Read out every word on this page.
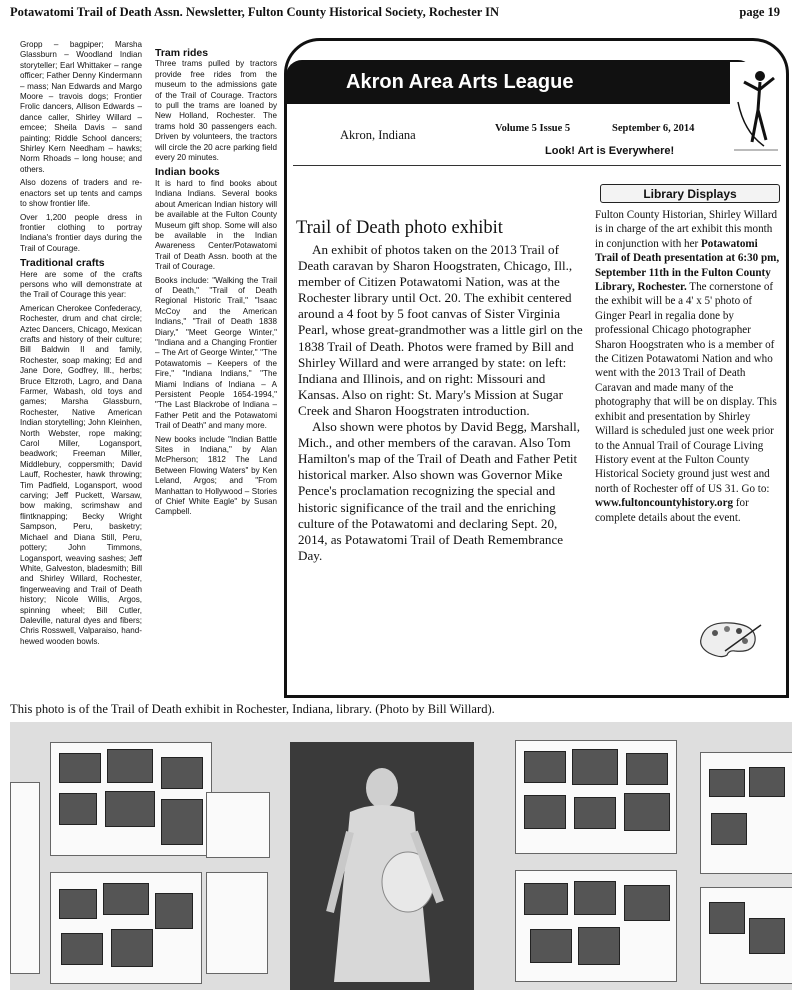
Potawatomi Trail of Death Assn. Newsletter, Fulton County Historical Society, Rochester IN	page 19

Gropp – bagpiper; Marsha Glassburn – Woodland Indian storyteller; Earl Whittaker – range officer; Father Denny Kindermann – mass; Nan Edwards and Margo Moore – travois dogs; Frontier Frolic dancers, Allison Edwards – dance caller, Shirley Willard – emcee; Sheila Davis – sand painting; Riddle School dancers; Shirley Kern Needham – hawks; Norm Rhoads – long house; and others.

Also dozens of traders and re-enactors set up tents and camps to show frontier life.

Over 1,200 people dress in frontier clothing to portray Indiana's frontier days during the Trail of Courage.

Traditional crafts

Here are some of the crafts persons who will demonstrate at the Trail of Courage this year:

American Cherokee Confederacy, Rochester, drum and chat circle; Aztec Dancers, Chicago, Mexican crafts and history of their culture; Bill Baldwin II and family, Rochester, soap making; Ed and Jane Dore, Godfrey, Ill., herbs; Bruce Eltzroth, Lagro, and Dana Farmer, Wabash, old toys and games; Marsha Glassburn, Rochester, Native American Indian storytelling; John Kleinhen, North Webster, rope making; Carol Miller, Logansport, beadwork; Freeman Miller, Middlebury, coppersmith; David Lauff, Rochester, hawk throwing; Tim Padfield, Logansport, wood carving; Jeff Puckett, Warsaw, bow making, scrimshaw and flintknapping; Becky Wright Sampson, Peru, basketry; Michael and Diana Still, Peru, pottery; John Timmons, Logansport, weaving sashes; Jeff White, Galveston, bladesmith; Bill and Shirley Willard, Rochester, fingerweaving and Trail of Death history; Nicole Willis, Argos, spinning wheel; Bill Cutler, Daleville, natural dyes and fibers; Chris Rosswell, Valparaiso, hand-hewed wooden bowls.

Tram rides

Three trams pulled by tractors provide free rides from the museum to the admissions gate of the Trail of Courage. Tractors to pull the trams are loaned by New Holland, Rochester. The trams hold 30 passengers each. Driven by volunteers, the tractors will circle the 20 acre parking field every 20 minutes.

Indian books

It is hard to find books about Indiana Indians. Several books about American Indian history will be available at the Fulton County Museum gift shop. Some will also be available in the Indian Awareness Center/Potawatomi Trail of Death Assn. booth at the Trail of Courage.

Books include: "Walking the Trail of Death," "Trail of Death Regional Historic Trail," "Isaac McCoy and the American Indians," "Trail of Death 1838 Diary," "Meet George Winter," "Indiana and a Changing Frontier – The Art of George Winter," "The Potawatomis – Keepers of the Fire," "Indiana Indians," "The Miami Indians of Indiana – A Persistent People 1654-1994," "The Last Blackrobe of Indiana – Father Petit and the Potawatomi Trail of Death" and many more.

New books include "Indian Battle Sites in Indiana," by Alan McPherson; 1812 The Land Between Flowing Waters" by Ken Leland, Argos; and "From Manhattan to Hollywood – Stories of Chief White Eagle" by Susan Campbell.

Akron Area Arts League
Akron, Indiana	Volume 5 Issue 5	September 6, 2014
Look! Art is Everywhere!
Library Displays
Fulton County Historian, Shirley Willard is in charge of the art exhibit this month in conjunction with her Potawatomi Trail of Death presentation at 6:30 pm, September 11th in the Fulton County Library, Rochester. The cornerstone of the exhibit will be a 4' x 5' photo of Ginger Pearl in regalia done by professional Chicago photographer Sharon Hoogstraten who is a member of the Citizen Potawatomi Nation and who went with the 2013 Trail of Death Caravan and made many of the photography that will be on display. This exhibit and presentation by Shirley Willard is scheduled just one week prior to the Annual Trail of Courage Living History event at the Fulton County Historical Society ground just west and north of Rochester off of US 31. Go to: www.fultoncountyhistory.org for complete details about the event.
Trail of Death photo exhibit

An exhibit of photos taken on the 2013 Trail of Death caravan by Sharon Hoogstraten, Chicago, Ill., member of Citizen Potawatomi Nation, was at the Rochester library until Oct. 20. The exhibit centered around a 4 foot by 5 foot canvas of Sister Virginia Pearl, whose great-grandmother was a little girl on the 1838 Trail of Death. Photos were framed by Bill and Shirley Willard and were arranged by state: on left: Indiana and Illinois, and on right: Missouri and Kansas. Also on right: St. Mary's Mission at Sugar Creek and Sharon Hoogstraten introduction.

Also shown were photos by David Begg, Marshall, Mich., and other members of the caravan. Also Tom Hamilton's map of the Trail of Death and Father Petit historical marker. Also shown was Governor Mike Pence's proclamation recognizing the special and historic significance of the trail and the enriching culture of the Potawatomi and declaring Sept. 20, 2014, as Potawatomi Trail of Death Remembrance Day.

This photo is of the Trail of Death exhibit in Rochester, Indiana, library. (Photo by Bill Willard).
